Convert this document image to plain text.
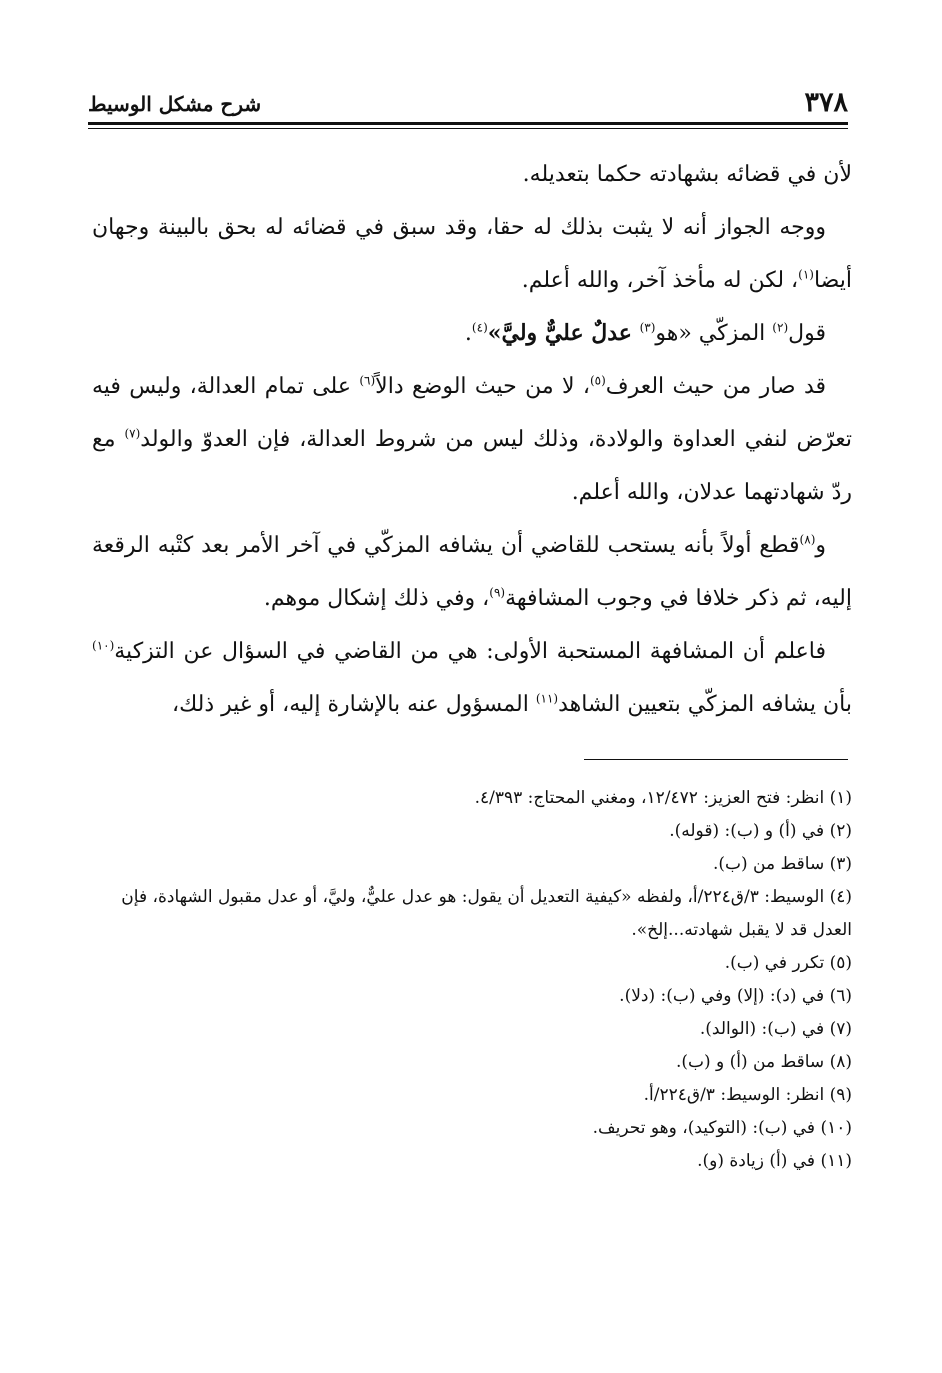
٣٧٨
شرح مشكل الوسيط

لأن في قضائه بشهادته حكما بتعديله.

ووجه الجواز أنه لا يثبت بذلك له حقا، وقد سبق في قضائه له بحق بالبينة وجهان أيضا$^{(١)}$، لكن له مأخذ آخر، والله أعلم.

قول$^{(٢)}$ المزكّي «هو$^{(٣)}$ عدلٌ عليٌّ وليَّ»$^{(٤)}$.

قد صار من حيث العرف$^{(٥)}$، لا من حيث الوضع دالاً$^{(٦)}$ على تمام العدالة، وليس فيه تعرّض لنفي العداوة والولادة، وذلك ليس من شروط العدالة، فإن العدوّ والولد$^{(٧)}$ مع ردّ شهادتهما عدلان، والله أعلم.

و$^{(٨)}$قطع أولاً بأنه يستحب للقاضي أن يشافه المزكّي في آخر الأمر بعد كتْبه الرقعة إليه، ثم ذكر خلافا في وجوب المشافهة$^{(٩)}$، وفي ذلك إشكال موهم.

فاعلم أن المشافهة المستحبة الأولى: هي من القاضي في السؤال عن التزكية$^{(١٠)}$ بأن يشافه المزكّي بتعيين الشاهد$^{(١١)}$ المسؤول عنه بالإشارة إليه، أو غير ذلك،

(١) انظر: فتح العزيز: ١٢/٤٧٢، ومغني المحتاج: ٤/٣٩٣.

(٢) في (أ) و (ب): (قوله).

(٣) ساقط من (ب).

(٤) الوسيط: ٣/ق٢٢٤/أ، ولفظه «كيفية التعديل أن يقول: هو عدل عليٌّ، وليَّ، أو عدل مقبول الشهادة، فإن العدل قد لا يقبل شهادته...إلخ».

(٥) تكرر في (ب).

(٦) في (د): (إلا) وفي (ب): (دلا).

(٧) في (ب): (الوالد).

(٨) ساقط من (أ) و (ب).

(٩) انظر: الوسيط: ٣/ق٢٢٤/أ.

(١٠) في (ب): (التوكيد)، وهو تحريف.

(١١) في (أ) زيادة (و).
